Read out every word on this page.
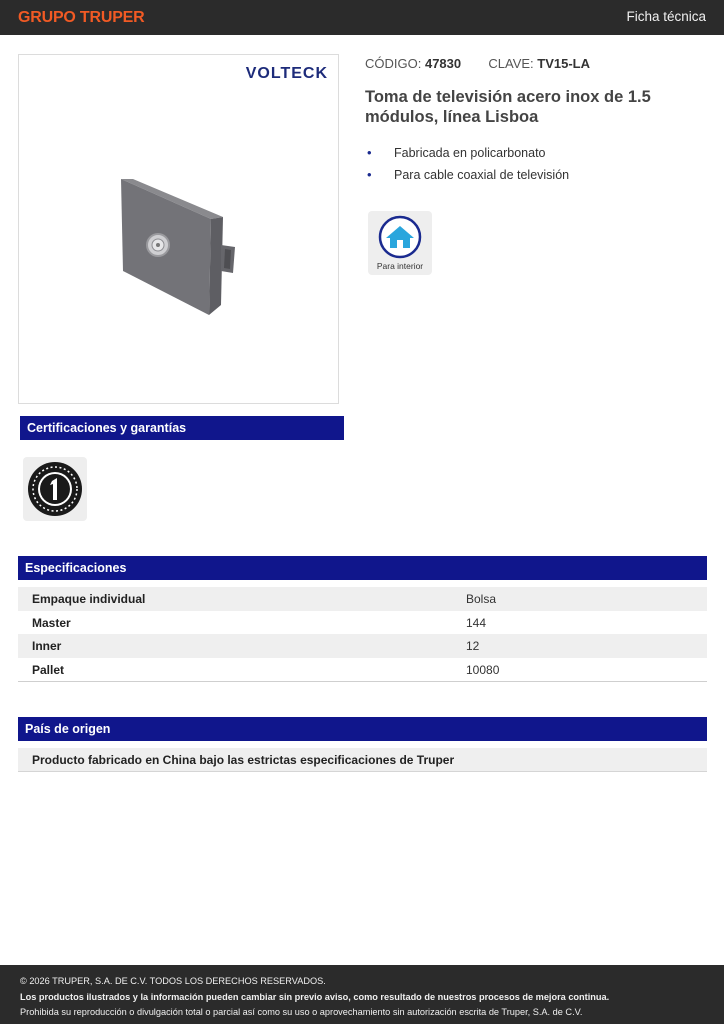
GRUPO TRUPER	Ficha técnica
VOLTECK
CÓDIGO: 47830 CLAVE: TV15-LA
Toma de televisión acero inox de 1.5 módulos, línea Lisboa
• Fabricada en policarbonato
• Para cable coaxial de televisión
Para interior
Certificaciones y garantías
Especificaciones
Empaque individual	Bolsa
Master	144
Inner	12
Pallet	10080
País de origen
Producto fabricado en China bajo las estrictas especificaciones de Truper
© 2026 TRUPER, S.A. DE C.V. TODOS LOS DERECHOS RESERVADOS.
Los productos ilustrados y la información pueden cambiar sin previo aviso, como resultado de nuestros procesos de mejora continua.
Prohibida su reproducción o divulgación total o parcial así como su uso o aprovechamiento sin autorización escrita de Truper, S.A. de C.V.
